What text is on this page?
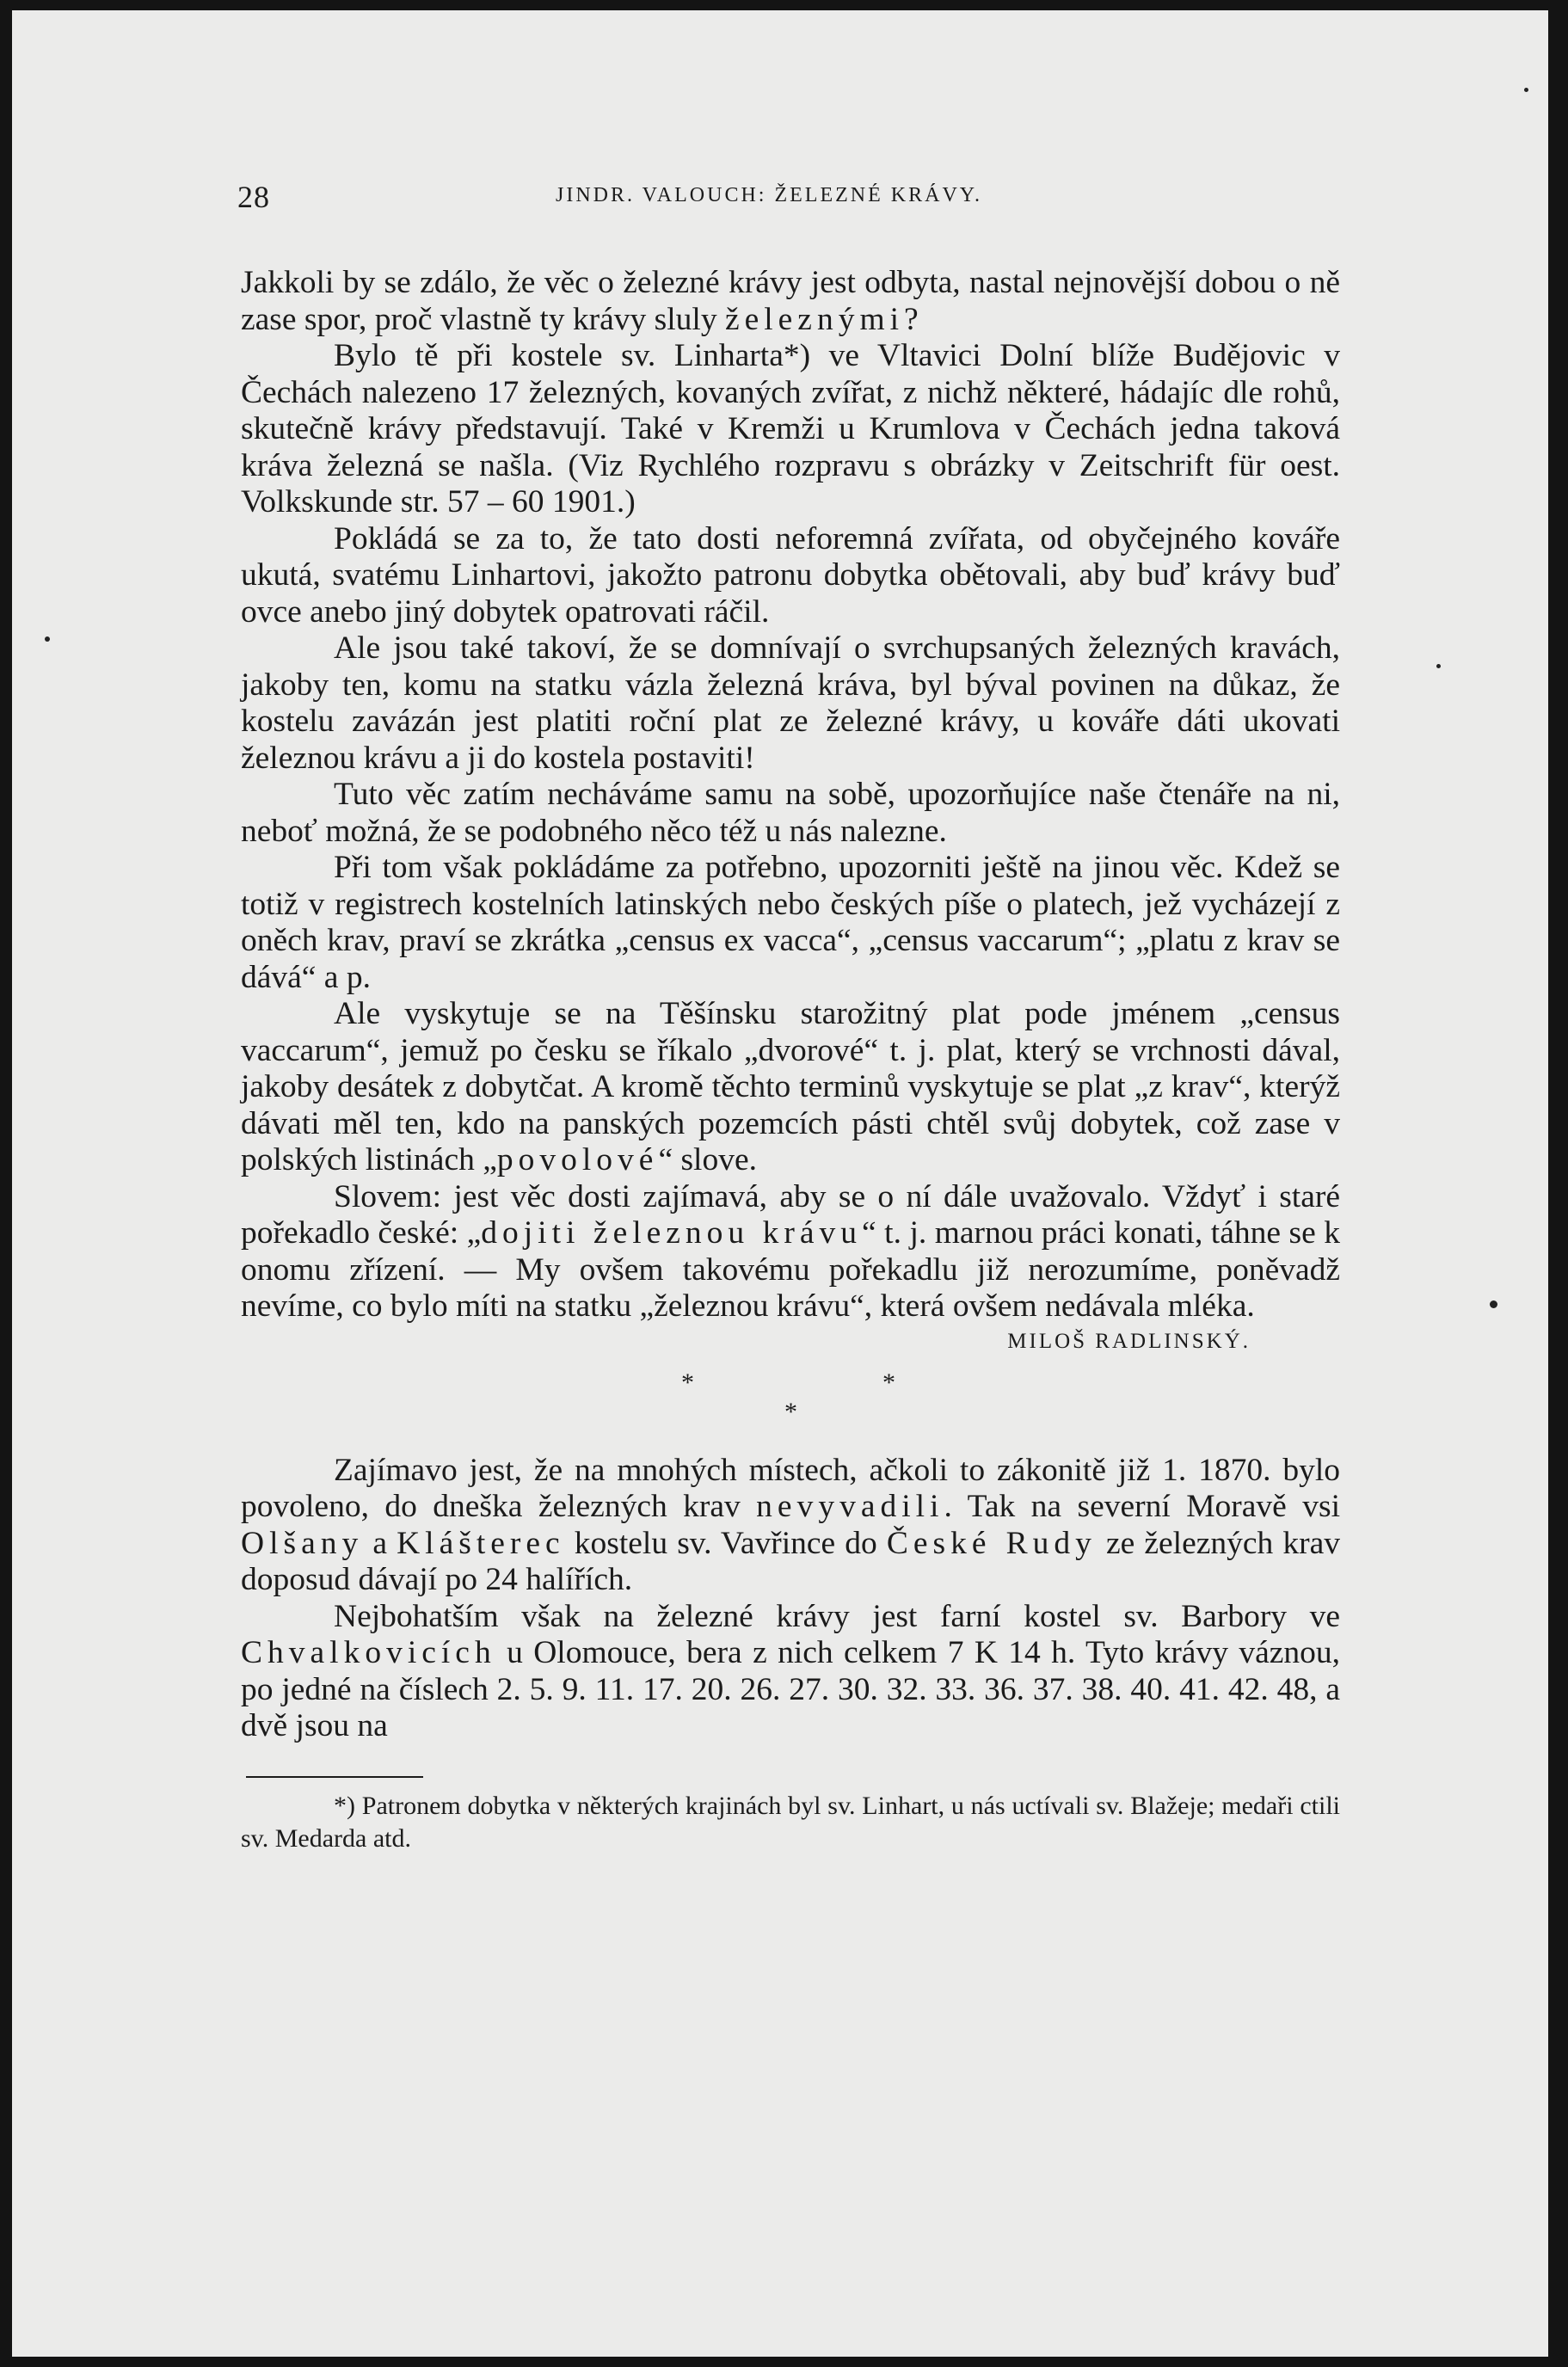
28	JINDR. VALOUCH: ŽELEZNÉ KRÁVY.

Jakkoli by se zdálo, že věc o železné krávy jest odbyta, nastal nejnovější dobou o ně zase spor, proč vlastně ty krávy sluly železnými?

Bylo tě při kostele sv. Linharta*) ve Vltavici Dolní blíže Budějovic v Čechách nalezeno 17 železných, kovaných zvířat, z nichž některé, hádajíc dle rohů, skutečně krávy představují. Také v Kremži u Krumlova v Čechách jedna taková kráva železná se našla. (Viz Rychlého rozpravu s obrázky v Zeitschrift für oest. Volkskunde str. 57 – 60 1901.)

Pokládá se za to, že tato dosti neforemná zvířata, od obyčejného kováře ukutá, svatému Linhartovi, jakožto patronu dobytka obětovali, aby buď krávy buď ovce anebo jiný dobytek opatrovati ráčil.

Ale jsou také takoví, že se domnívají o svrchupsaných železných kravách, jakoby ten, komu na statku vázla železná kráva, byl býval povinen na důkaz, že kostelu zavázán jest platiti roční plat ze železné krávy, u kováře dáti ukovati železnou krávu a ji do kostela postaviti!

Tuto věc zatím necháváme samu na sobě, upozorňujíce naše čtenáře na ni, neboť možná, že se podobného něco též u nás nalezne.

Při tom však pokládáme za potřebno, upozorniti ještě na jinou věc. Kdež se totiž v registrech kostelních latinských nebo českých píše o platech, jež vycházejí z oněch krav, praví se zkrátka „census ex vacca“, „census vaccarum“; „platu z krav se dává“ a p.

Ale vyskytuje se na Těšínsku starožitný plat pode jménem „census vaccarum“, jemuž po česku se říkalo „dvorové“ t. j. plat, který se vrchnosti dával, jakoby desátek z dobytčat. A kromě těchto terminů vyskytuje se plat „z krav“, kterýž dávati měl ten, kdo na panských pozemcích pásti chtěl svůj dobytek, což zase v polských listinách „povolové“ slove.

Slovem: jest věc dosti zajímavá, aby se o ní dále uvažovalo. Vždyť i staré pořekadlo české: „dojiti železnou krávu“ t. j. marnou práci konati, táhne se k onomu zřízení. — My ovšem takovému pořekadlu již nerozumíme, poněvadž nevíme, co bylo míti na statku „železnou krávu“, která ovšem nedávala mléka.

MILOŠ RADLINSKÝ.
*	*
*

Zajímavo jest, že na mnohých místech, ačkoli to zákonitě již 1. 1870. bylo povoleno, do dneška železných krav nevyvadili. Tak na severní Moravě vsi Olšany a Klášterec kostelu sv. Vavřince do České Rudy ze železných krav doposud dávají po 24 halířích.

Nejbohatším však na železné krávy jest farní kostel sv. Barbory ve Chvalkovicích u Olomouce, bera z nich celkem 7 K 14 h. Tyto krávy váznou, po jedné na číslech 2. 5. 9. 11. 17. 20. 26. 27. 30. 32. 33. 36. 37. 38. 40. 41. 42. 48, a dvě jsou na

*) Patronem dobytka v některých krajinách byl sv. Linhart, u nás uctívali sv. Blažeje; medaři ctili sv. Medarda atd.
